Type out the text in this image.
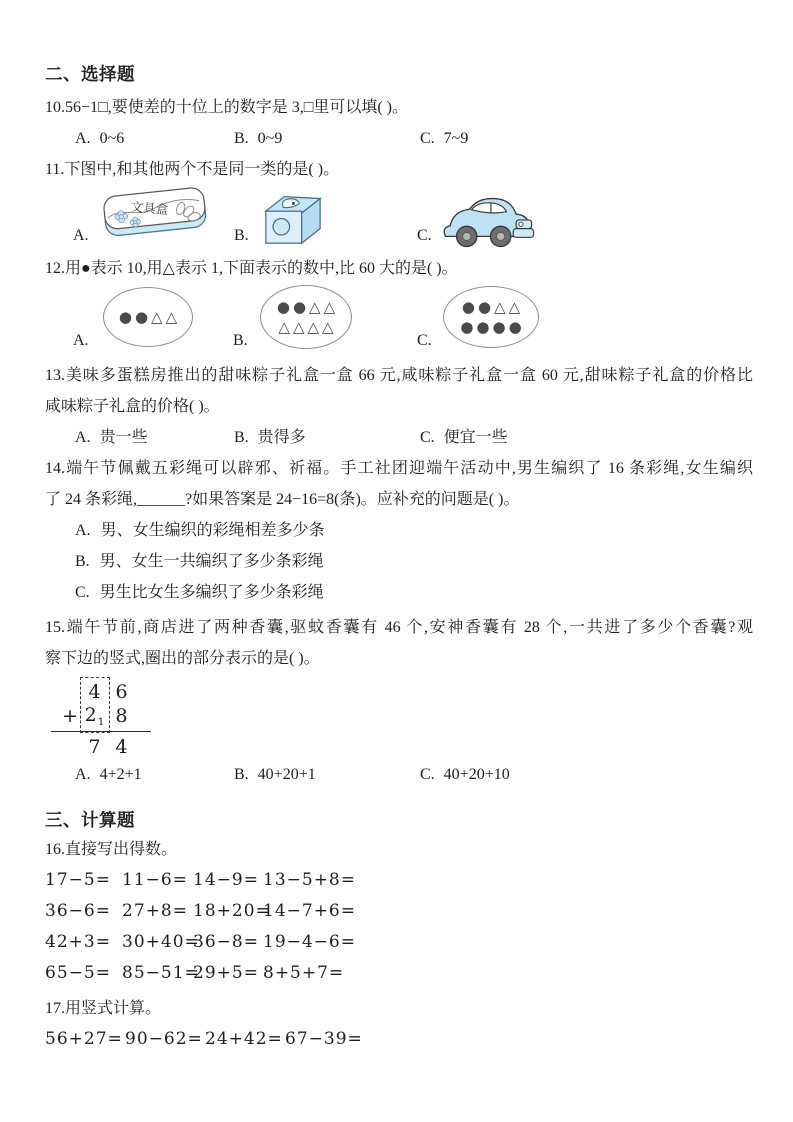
二、选择题

10.56−1□,要使差的十位上的数字是 3,□里可以填( )。

A. 0~6	B. 0~9	C. 7~9

11.下图中,和其他两个不是同一类的是( )。

A.
文具盒
B.	C.

12.用●表示 10,用△表示 1,下面表示的数中,比 60 大的是( )。

A.
●●△△
B.
●●△△
△△△△
C.
●●△△
●●●●

13.美味多蛋糕房推出的甜味粽子礼盒一盒 66 元,咸味粽子礼盒一盒 60 元,甜味粽子礼盒的价格比

咸味粽子礼盒的价格( )。

A. 贵一些	B. 贵得多	C. 便宜一些

14.端午节佩戴五彩绳可以辟邪、祈福。手工社团迎端午活动中,男生编织了 16 条彩绳,女生编织

了 24 条彩绳,______?如果答案是 24−16=8(条)。应补充的问题是( )。

A. 男、女生编织的彩绳相差多少条

B. 男、女生一共编织了多少条彩绳

C. 男生比女生多编织了多少条彩绳

15.端午节前,商店进了两种香囊,驱蚊香囊有 46 个,安神香囊有 28 个,一共进了多少个香囊?观

察下边的竖式,圈出的部分表示的是( )。

4 6
+ $2_1$ 8
7 4
A. 4+2+1	B. 40+20+1	C. 40+20+10
三、计算题

16.直接写出得数。

17−5= 11−6= 14−9= 13−5+8=

36−6= 27+8= 18+20=14−7+6=

42+3= 30+40=36−8= 19−4−6=

65−5= 85−51=29+5= 8+5+7=

17.用竖式计算。

56+27= 90−62= 24+42= 67−39=
